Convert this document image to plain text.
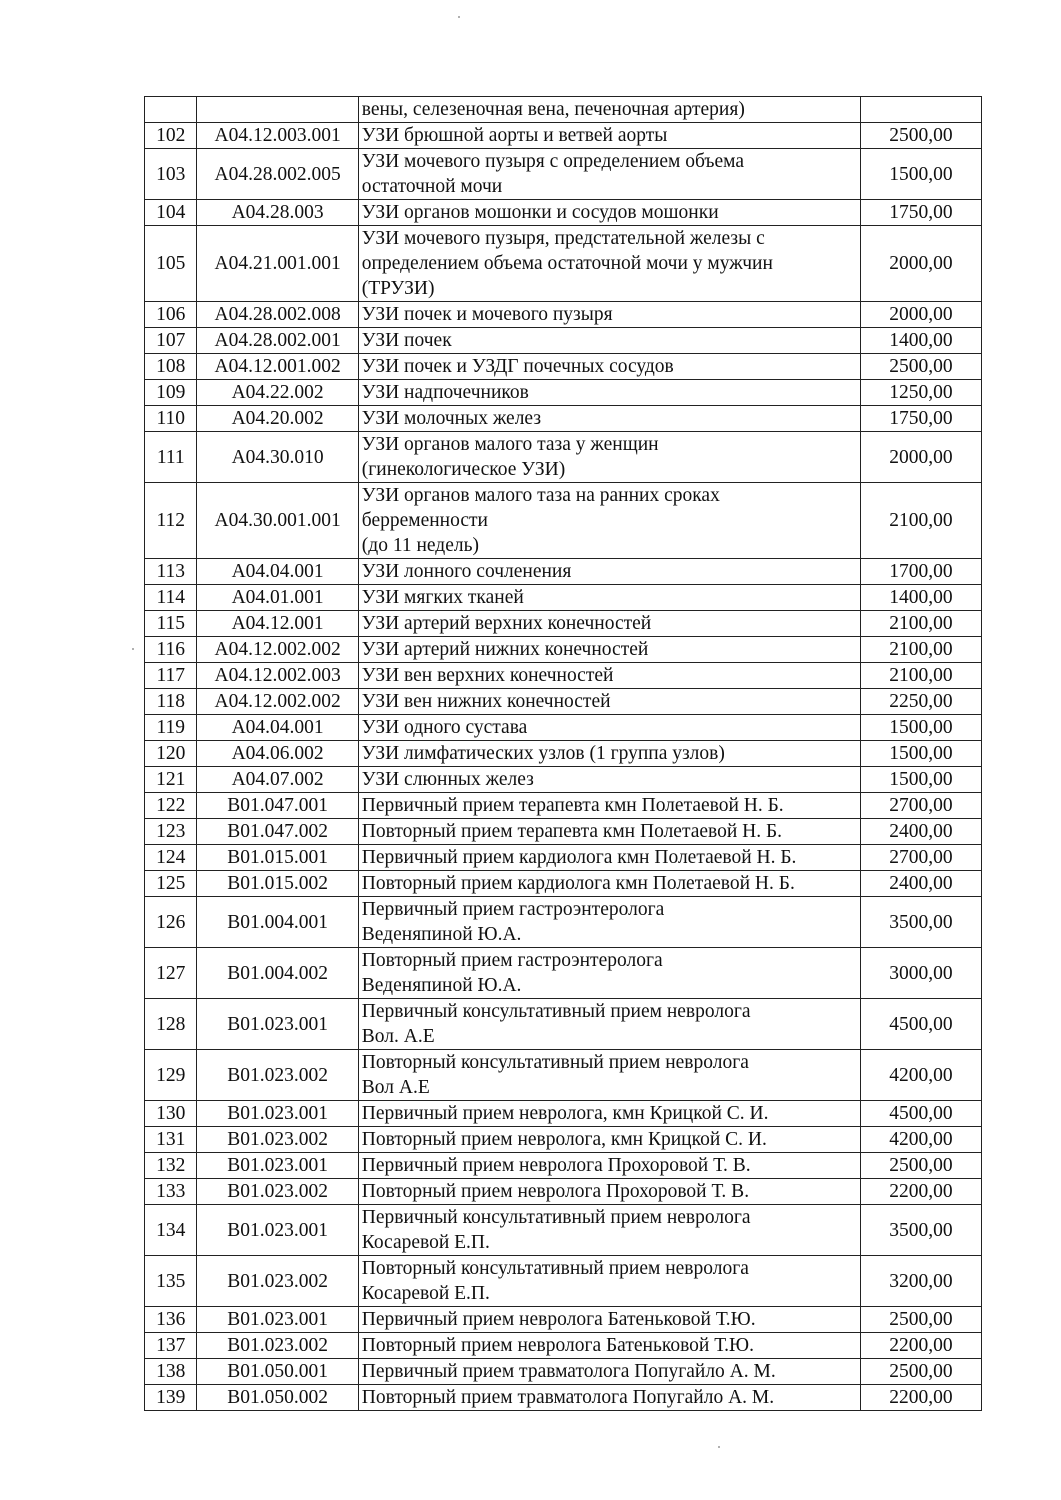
		вены, селезеночная вена, печеночная артерия)	
102	А04.12.003.001	УЗИ брюшной аорты и ветвей аорты	2500,00
103	А04.28.002.005	УЗИ мочевого пузыря с определением объема
остаточной мочи	1500,00
104	А04.28.003	УЗИ органов мошонки и сосудов мошонки	1750,00
105	А04.21.001.001	УЗИ мочевого пузыря, предстательной железы с
определением объема остаточной мочи у мужчин
(ТРУЗИ)	2000,00
106	А04.28.002.008	УЗИ почек и мочевого пузыря	2000,00
107	А04.28.002.001	УЗИ почек	1400,00
108	А04.12.001.002	УЗИ почек и УЗДГ почечных сосудов	2500,00
109	А04.22.002	УЗИ надпочечников	1250,00
110	А04.20.002	УЗИ молочных желез	1750,00
111	А04.30.010	УЗИ органов малого таза у женщин
(гинекологическое УЗИ)	2000,00
112	А04.30.001.001	УЗИ органов малого таза на ранних сроках
берременности
(до 11 недель)	2100,00
113	А04.04.001	УЗИ лонного сочленения	1700,00
114	А04.01.001	УЗИ мягких тканей	1400,00
115	А04.12.001	УЗИ артерий верхних конечностей	2100,00
116	А04.12.002.002	УЗИ артерий нижних конечностей	2100,00
117	А04.12.002.003	УЗИ вен верхних конечностей	2100,00
118	А04.12.002.002	УЗИ вен нижних конечностей	2250,00
119	А04.04.001	УЗИ одного сустава	1500,00
120	А04.06.002	УЗИ лимфатических узлов (1 группа узлов)	1500,00
121	А04.07.002	УЗИ слюнных желез	1500,00
122	В01.047.001	Первичный прием терапевта кмн Полетаевой Н. Б.	2700,00
123	В01.047.002	Повторный прием терапевта кмн Полетаевой Н. Б.	2400,00
124	В01.015.001	Первичный прием кардиолога кмн Полетаевой Н. Б.	2700,00
125	В01.015.002	Повторный прием кардиолога кмн Полетаевой Н. Б.	2400,00
126	В01.004.001	Первичный прием гастроэнтеролога
Веденяпиной Ю.А.	3500,00
127	В01.004.002	Повторный прием гастроэнтеролога
Веденяпиной Ю.А.	3000,00
128	В01.023.001	Первичный консультативный прием невролога
Вол. А.Е	4500,00
129	В01.023.002	Повторный консультативный прием невролога
Вол А.Е	4200,00
130	В01.023.001	Первичный прием невролога, кмн Крицкой С. И.	4500,00
131	В01.023.002	Повторный прием невролога, кмн Крицкой С. И.	4200,00
132	В01.023.001	Первичный прием невролога Прохоровой Т. В.	2500,00
133	В01.023.002	Повторный прием невролога Прохоровой Т. В.	2200,00
134	В01.023.001	Первичный консультативный прием невролога
Косаревой Е.П.	3500,00
135	В01.023.002	Повторный консультативный прием невролога
Косаревой Е.П.	3200,00
136	В01.023.001	Первичный прием невролога Батеньковой Т.Ю.	2500,00
137	В01.023.002	Повторный прием невролога Батеньковой Т.Ю.	2200,00
138	В01.050.001	Первичный прием травматолога Попугайло А. М.	2500,00
139	В01.050.002	Повторный прием травматолога Попугайло А. М.	2200,00
